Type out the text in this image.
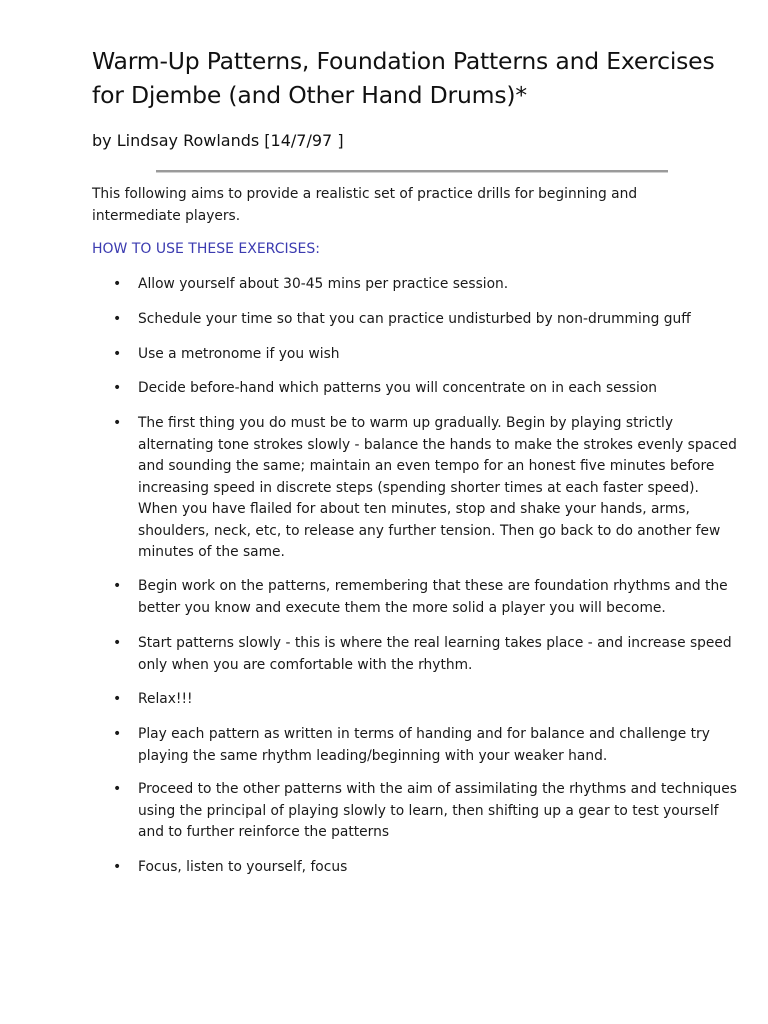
Warm-Up Patterns, Foundation Patterns and Exercises for Djembe (and Other Hand Drums)*

by Lindsay Rowlands [14/7/97 ]

This following aims to provide a realistic set of practice drills for beginning and intermediate players.

HOW TO USE THESE EXERCISES:
• Allow yourself about 30-45 mins per practice session.
• Schedule your time so that you can practice undisturbed by non-drumming guff
• Use a metronome if you wish
• Decide before-hand which patterns you will concentrate on in each session
• The first thing you do must be to warm up gradually. Begin by playing strictly alternating tone strokes slowly - balance the hands to make the strokes evenly spaced and sounding the same; maintain an even tempo for an honest five minutes before increasing speed in discrete steps (spending shorter times at each faster speed). When you have flailed for about ten minutes, stop and shake your hands, arms, shoulders, neck, etc, to release any further tension. Then go back to do another few minutes of the same.
• Begin work on the patterns, remembering that these are foundation rhythms and the better you know and execute them the more solid a player you will become.
• Start patterns slowly - this is where the real learning takes place - and increase speed only when you are comfortable with the rhythm.
• Relax!!!
• Play each pattern as written in terms of handing and for balance and challenge try playing the same rhythm leading/beginning with your weaker hand.
• Proceed to the other patterns with the aim of assimilating the rhythms and techniques using the principal of playing slowly to learn, then shifting up a gear to test yourself and to further reinforce the patterns
• Focus, listen to yourself, focus
